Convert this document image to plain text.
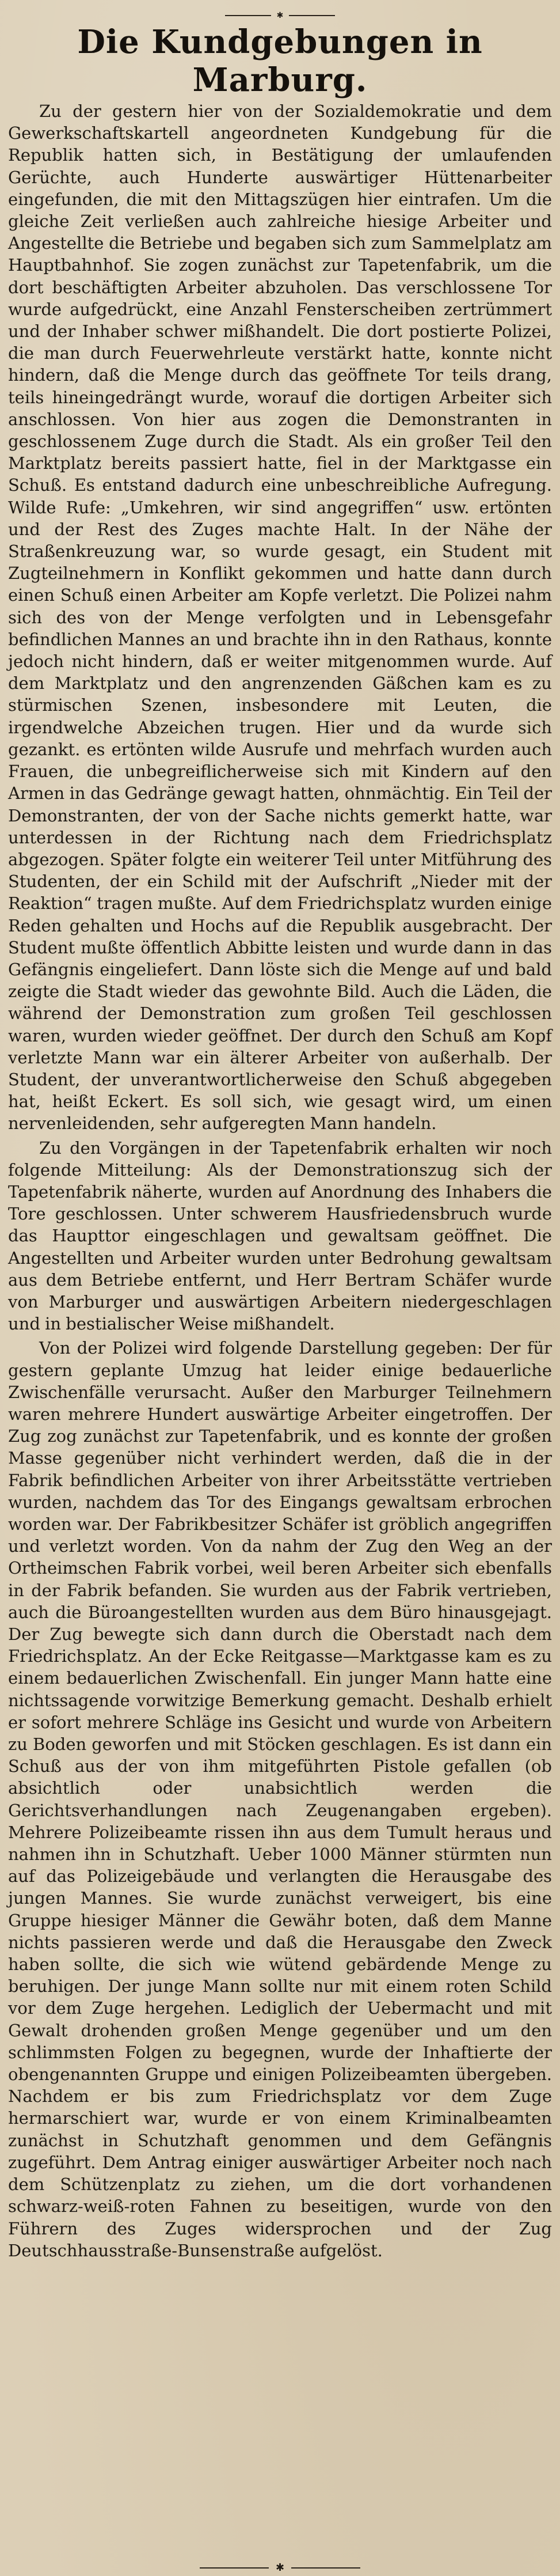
✱
Die Kundgebungen in Marburg.

Zu der gestern hier von der Sozialdemokratie und dem Gewerkschaftskartell angeordneten Kundgebung für die Republik hatten sich, in Bestätigung der umlaufenden Gerüchte, auch Hunderte auswärtiger Hüttenarbeiter eingefunden, die mit den Mittagszügen hier eintrafen. Um die gleiche Zeit verließen auch zahlreiche hiesige Arbeiter und Angestellte die Betriebe und begaben sich zum Sammelplatz am Hauptbahnhof. Sie zogen zunächst zur Tapetenfabrik, um die dort beschäftigten Arbeiter abzuholen. Das verschlossene Tor wurde aufgedrückt, eine Anzahl Fensterscheiben zertrümmert und der Inhaber schwer mißhandelt. Die dort postierte Polizei, die man durch Feuerwehrleute verstärkt hatte, konnte nicht hindern, daß die Menge durch das geöffnete Tor teils drang, teils hineingedrängt wurde, worauf die dortigen Arbeiter sich anschlossen. Von hier aus zogen die Demonstranten in geschlossenem Zuge durch die Stadt. Als ein großer Teil den Marktplatz bereits passiert hatte, fiel in der Marktgasse ein Schuß. Es entstand dadurch eine unbeschreibliche Aufregung. Wilde Rufe: „Umkehren, wir sind angegriffen“ usw. ertönten und der Rest des Zuges machte Halt. In der Nähe der Straßenkreuzung war, so wurde gesagt, ein Student mit Zugteilnehmern in Konflikt gekommen und hatte dann durch einen Schuß einen Arbeiter am Kopfe verletzt. Die Polizei nahm sich des von der Menge verfolgten und in Lebensgefahr befindlichen Mannes an und brachte ihn in den Rathaus, konnte jedoch nicht hindern, daß er weiter mitgenommen wurde. Auf dem Marktplatz und den angrenzenden Gäßchen kam es zu stürmischen Szenen, insbesondere mit Leuten, die irgendwelche Abzeichen trugen. Hier und da wurde sich gezankt. es ertönten wilde Ausrufe und mehrfach wurden auch Frauen, die unbegreiflicherweise sich mit Kindern auf den Armen in das Gedränge gewagt hatten, ohnmächtig. Ein Teil der Demonstranten, der von der Sache nichts gemerkt hatte, war unterdessen in der Richtung nach dem Friedrichsplatz abgezogen. Später folgte ein weiterer Teil unter Mitführung des Studenten, der ein Schild mit der Aufschrift „Nieder mit der Reaktion“ tragen mußte. Auf dem Friedrichsplatz wurden einige Reden gehalten und Hochs auf die Republik ausgebracht. Der Student mußte öffentlich Abbitte leisten und wurde dann in das Gefängnis eingeliefert. Dann löste sich die Menge auf und bald zeigte die Stadt wieder das gewohnte Bild. Auch die Läden, die während der Demonstration zum großen Teil geschlossen waren, wurden wieder geöffnet. Der durch den Schuß am Kopf verletzte Mann war ein älterer Arbeiter von außerhalb. Der Student, der unverantwortlicherweise den Schuß abgegeben hat, heißt Eckert. Es soll sich, wie gesagt wird, um einen nervenleidenden, sehr aufgeregten Mann handeln.

Zu den Vorgängen in der Tapetenfabrik erhalten wir noch folgende Mitteilung: Als der Demonstrationszug sich der Tapetenfabrik näherte, wurden auf Anordnung des Inhabers die Tore geschlossen. Unter schwerem Hausfriedensbruch wurde das Haupttor eingeschlagen und gewaltsam geöffnet. Die Angestellten und Arbeiter wurden unter Bedrohung gewaltsam aus dem Betriebe entfernt, und Herr Bertram Schäfer wurde von Marburger und auswärtigen Arbeitern niedergeschlagen und in bestialischer Weise mißhandelt.

Von der Polizei wird folgende Darstellung gegeben: Der für gestern geplante Umzug hat leider einige bedauerliche Zwischenfälle verursacht. Außer den Marburger Teilnehmern waren mehrere Hundert auswärtige Arbeiter eingetroffen. Der Zug zog zunächst zur Tapetenfabrik, und es konnte der großen Masse gegenüber nicht verhindert werden, daß die in der Fabrik befindlichen Arbeiter von ihrer Arbeitsstätte vertrieben wurden, nachdem das Tor des Eingangs gewaltsam erbrochen worden war. Der Fabrikbesitzer Schäfer ist gröblich angegriffen und verletzt worden. Von da nahm der Zug den Weg an der Ortheimschen Fabrik vorbei, weil beren Arbeiter sich ebenfalls in der Fabrik befanden. Sie wurden aus der Fabrik vertrieben, auch die Büroangestellten wurden aus dem Büro hinausgejagt. Der Zug bewegte sich dann durch die Oberstadt nach dem Friedrichsplatz. An der Ecke Reitgasse—Marktgasse kam es zu einem bedauerlichen Zwischenfall. Ein junger Mann hatte eine nichtssagende vorwitzige Bemerkung gemacht. Deshalb erhielt er sofort mehrere Schläge ins Gesicht und wurde von Arbeitern zu Boden geworfen und mit Stöcken geschlagen. Es ist dann ein Schuß aus der von ihm mitgeführten Pistole gefallen (ob absichtlich oder unabsichtlich werden die Gerichtsverhandlungen nach Zeugenangaben ergeben). Mehrere Polizeibeamte rissen ihn aus dem Tumult heraus und nahmen ihn in Schutzhaft. Ueber 1000 Männer stürmten nun auf das Polizeigebäude und verlangten die Herausgabe des jungen Mannes. Sie wurde zunächst verweigert, bis eine Gruppe hiesiger Männer die Gewähr boten, daß dem Manne nichts passieren werde und daß die Herausgabe den Zweck haben sollte, die sich wie wütend gebärdende Menge zu beruhigen. Der junge Mann sollte nur mit einem roten Schild vor dem Zuge hergehen. Lediglich der Uebermacht und mit Gewalt drohenden großen Menge gegenüber und um den schlimmsten Folgen zu begegnen, wurde der Inhaftierte der obengenannten Gruppe und einigen Polizeibeamten übergeben. Nachdem er bis zum Friedrichsplatz vor dem Zuge hermarschiert war, wurde er von einem Kriminalbeamten zunächst in Schutzhaft genommen und dem Gefängnis zugeführt. Dem Antrag einiger auswärtiger Arbeiter noch nach dem Schützenplatz zu ziehen, um die dort vorhandenen schwarz-weiß-roten Fahnen zu beseitigen, wurde von den Führern des Zuges widersprochen und der Zug Deutschhausstraße-Bunsenstraße aufgelöst.

✱
